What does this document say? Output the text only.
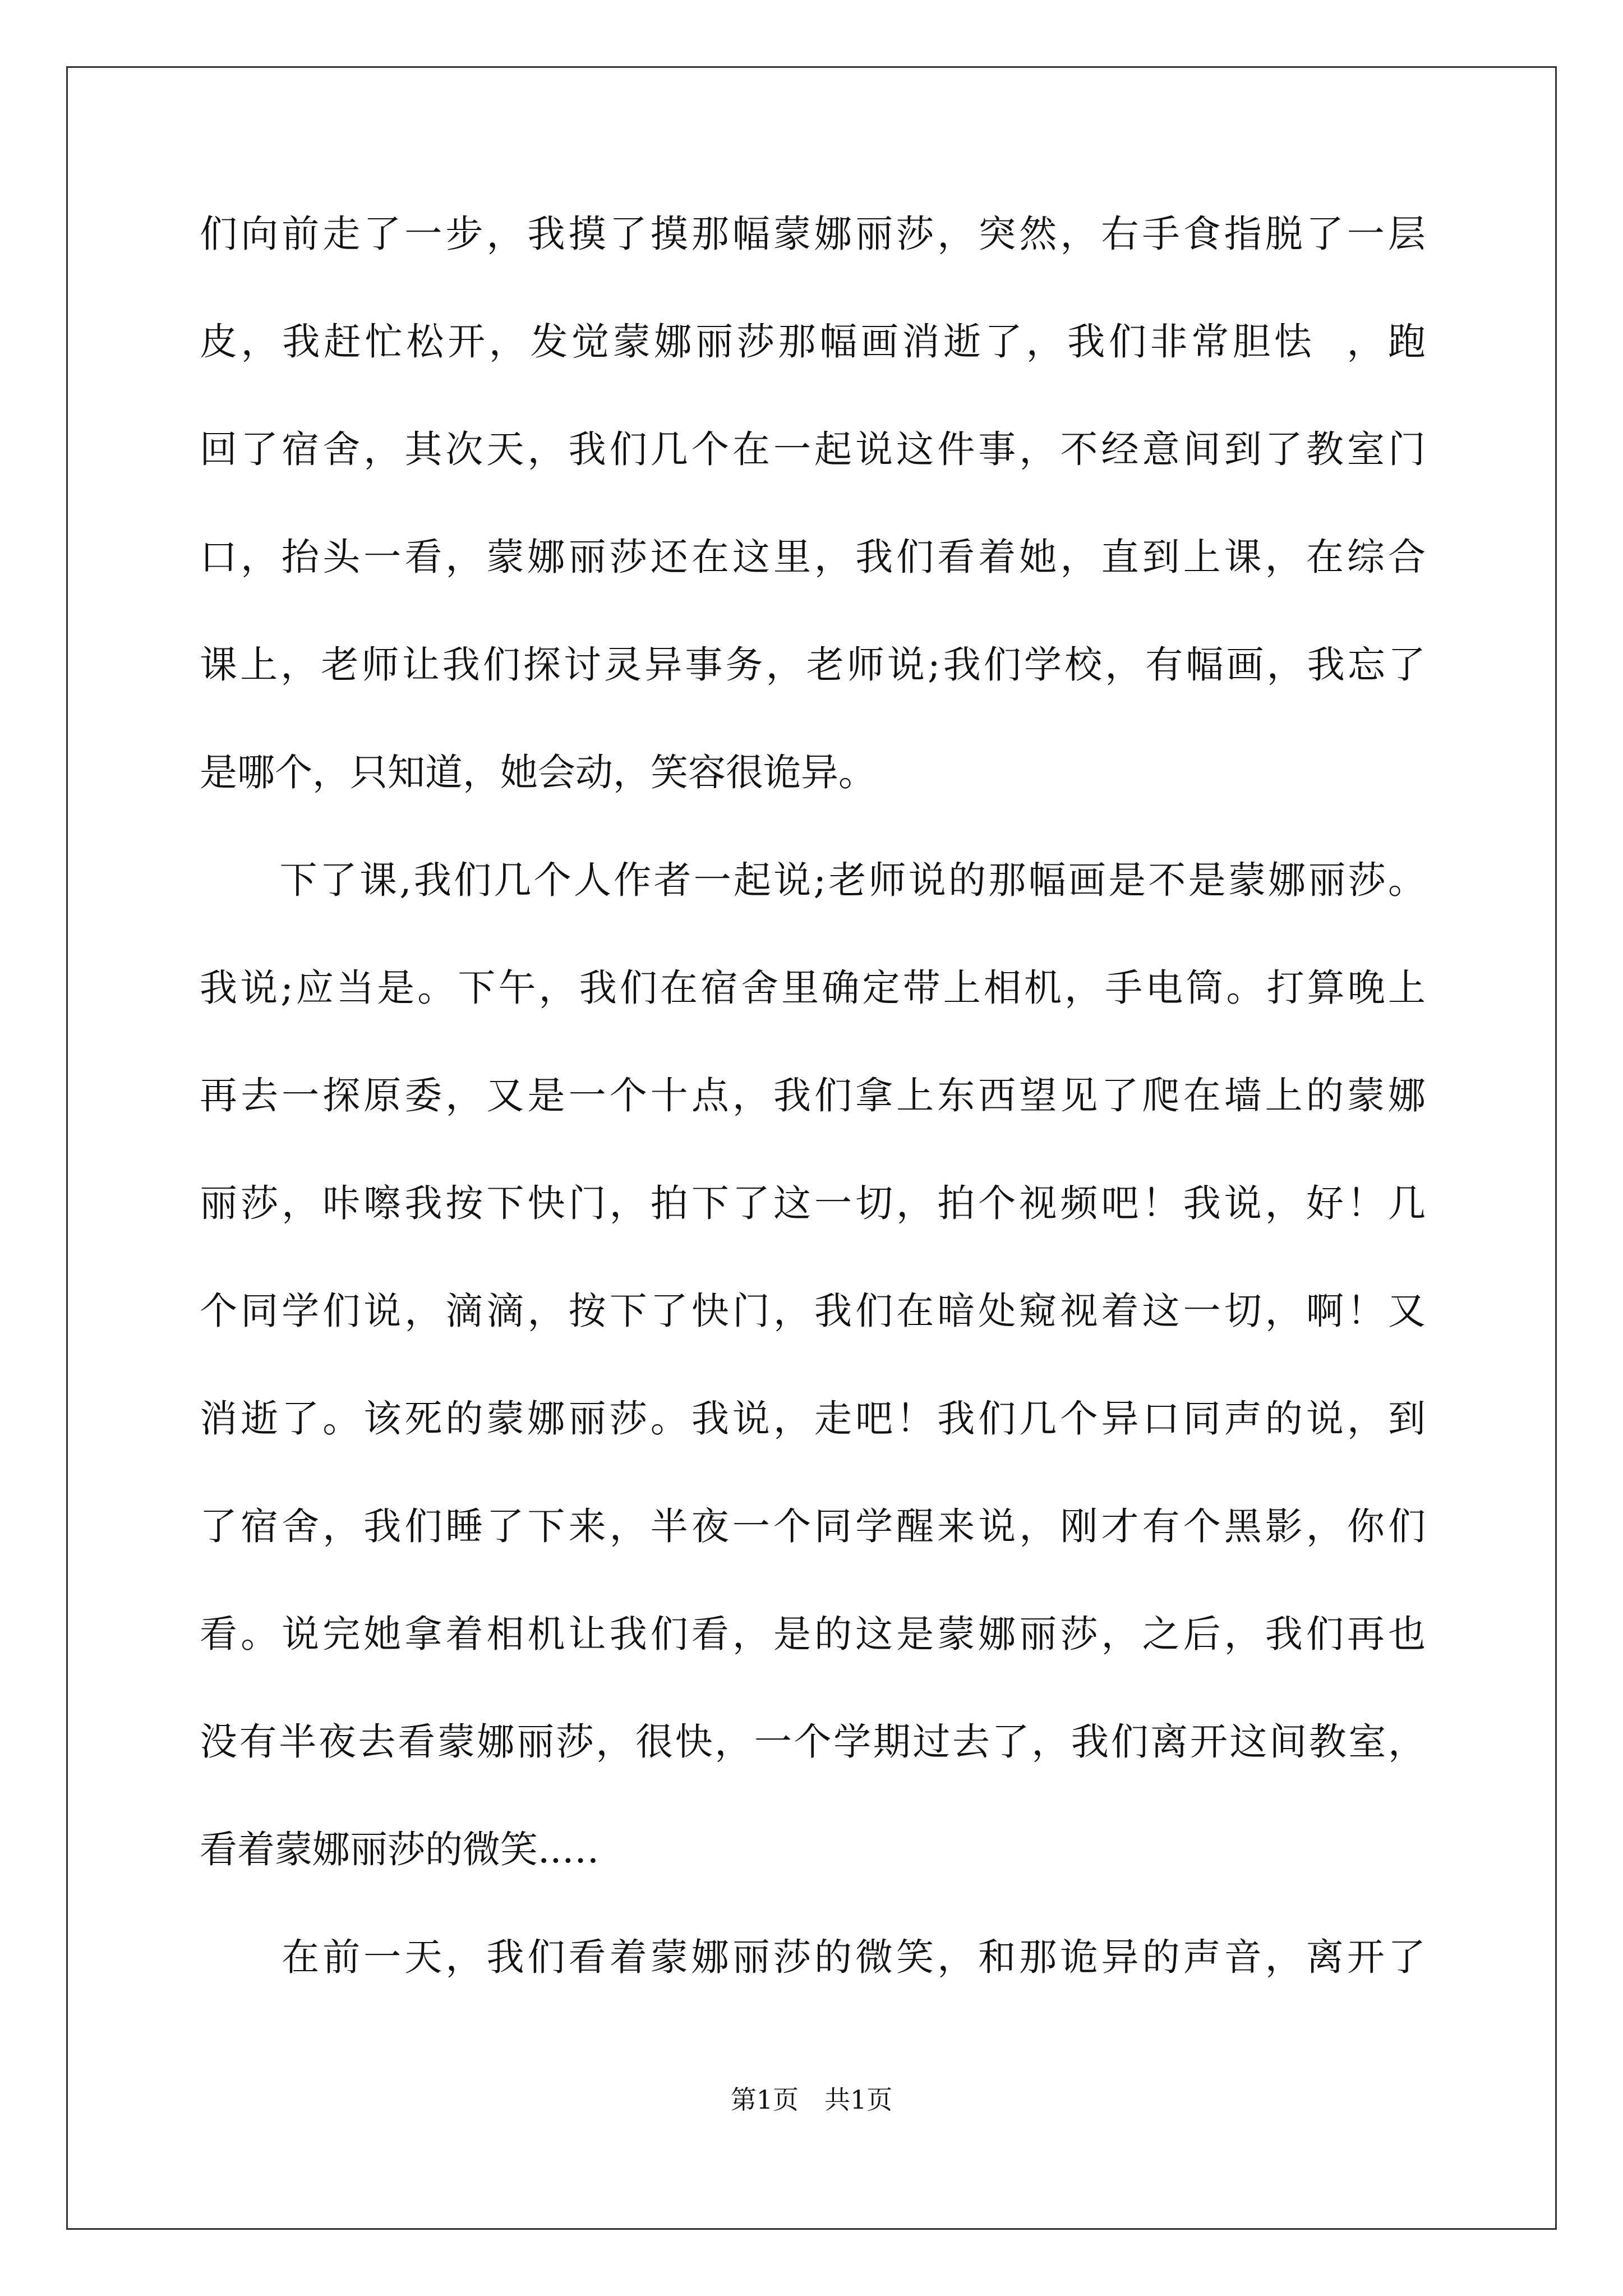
们向前走了一步，我摸了摸那幅蒙娜丽莎，突然，右手食指脱了一层
皮，我赶忙松开，发觉蒙娜丽莎那幅画消逝了，我们非常胆怯  ，跑
回了宿舍，其次天，我们几个在一起说这件事，不经意间到了教室门
口，抬头一看，蒙娜丽莎还在这里，我们看着她，直到上课，在综合
课上，老师让我们探讨灵异事务，老师说;我们学校，有幅画，我忘了
是哪个，只知道，她会动，笑容很诡异。
　　下了课,我们几个人作者一起说;老师说的那幅画是不是蒙娜丽莎。
我说;应当是。下午，我们在宿舍里确定带上相机，手电筒。打算晚上
再去一探原委，又是一个十点，我们拿上东西望见了爬在墙上的蒙娜
丽莎，咔嚓我按下快门，拍下了这一切，拍个视频吧！我说，好！几
个同学们说，滴滴，按下了快门，我们在暗处窥视着这一切，啊！又
消逝了。该死的蒙娜丽莎。我说，走吧！我们几个异口同声的说，到
了宿舍，我们睡了下来，半夜一个同学醒来说，刚才有个黑影，你们
看。说完她拿着相机让我们看，是的这是蒙娜丽莎，之后，我们再也
没有半夜去看蒙娜丽莎，很快，一个学期过去了，我们离开这间教室，
看着蒙娜丽莎的微笑..…
　　在前一天，我们看着蒙娜丽莎的微笑，和那诡异的声音，离开了
第1页　共1页
